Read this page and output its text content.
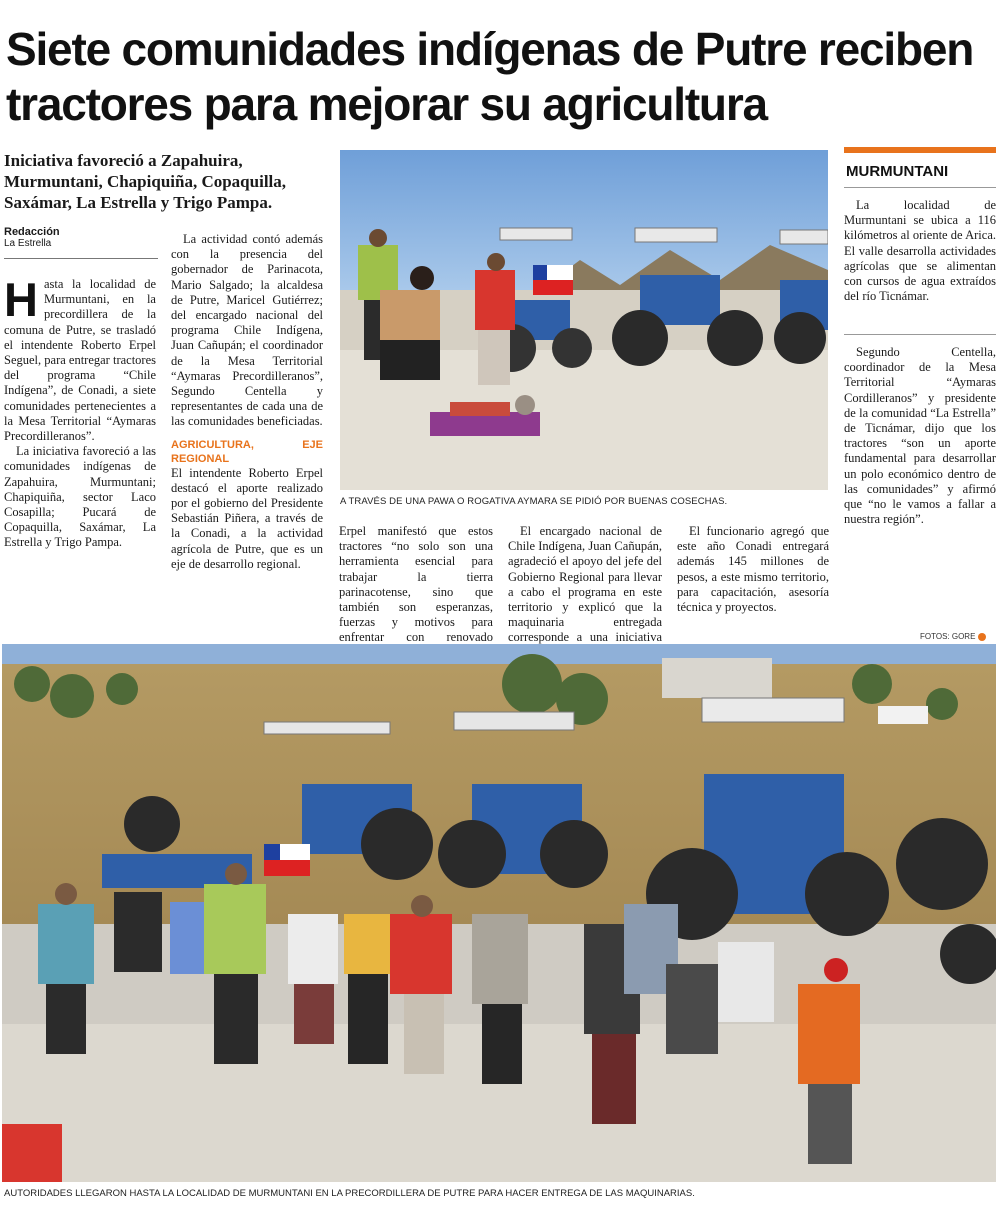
Siete comunidades indígenas de Putre reciben tractores para mejorar su agricultura
Iniciativa favoreció a Zapahuira, Murmuntani, Chapiquiña, Copaquilla, Saxámar, La Estrella y Trigo Pampa.
Redacción
La Estrella

Hasta la localidad de Murmuntani, en la precordillera de la comuna de Putre, se trasladó el intendente Roberto Erpel Seguel, para entregar tractores del programa “Chile Indígena”, de Conadi, a siete comunidades pertenecientes a la Mesa Territorial “Aymaras Precordilleranos”.

La iniciativa favoreció a las comunidades indígenas de Zapahuira, Murmuntani; Chapiquiña, sector Laco Cosapilla; Pucará de Copaquilla, Saxámar, La Estrella y Trigo Pampa.

La actividad contó además con la presencia del gobernador de Parinacota, Mario Salgado; la alcaldesa de Putre, Maricel Gutiérrez; del encargado nacional del programa Chile Indígena, Juan Cañupán; el coordinador de la Mesa Territorial “Aymaras Precordilleranos”, Segundo Centella y representantes de cada una de las comunidades beneficiadas.

AGRICULTURA, EJE REGIONAL

El intendente Roberto Erpel destacó el aporte realizado por el gobierno del Presidente Sebastián Piñera, a través de la Conadi, a la actividad agrícola de Putre, que es un eje de desarrollo regional.

Erpel manifestó que estos tractores “no solo son una herramienta esencial para trabajar la tierra parinacotense, sino que también son esperanzas, fuerzas y motivos para enfrentar con renovado

El encargado nacional de Chile Indígena, Juan Cañupán, agradeció el apoyo del jefe del Gobierno Regional para llevar a cabo el programa en este territorio y explicó que la maquinaria entregada corresponde a una iniciativa

El funcionario agregó que este año Conadi entregará además 145 millones de pesos, a este mismo territorio, para capacitación, asesoría técnica y proyectos.

Segundo Centella, coordinador de la Mesa Territorial “Aymaras Cordilleranos” y presidente de la comunidad “La Estrella” de Ticnámar, dijo que los tractores “son un aporte fundamental para desarrollar un polo económico dentro de las comunidades” y afirmó que “no le vamos a fallar a nuestra región”.

MURMUNTANI
La localidad de Murmuntani se ubica a 116 kilómetros al oriente de Arica. El valle desarrolla actividades agrícolas que se alimentan con cursos de agua extraídos del río Ticnámar.
A TRAVÉS DE UNA PAWA O ROGATIVA AYMARA SE PIDIÓ POR BUENAS COSECHAS.
FOTOS: GORE
AUTORIDADES LLEGARON HASTA LA LOCALIDAD DE MURMUNTANI EN LA PRECORDILLERA DE PUTRE PARA HACER ENTREGA DE LAS MAQUINARIAS.
